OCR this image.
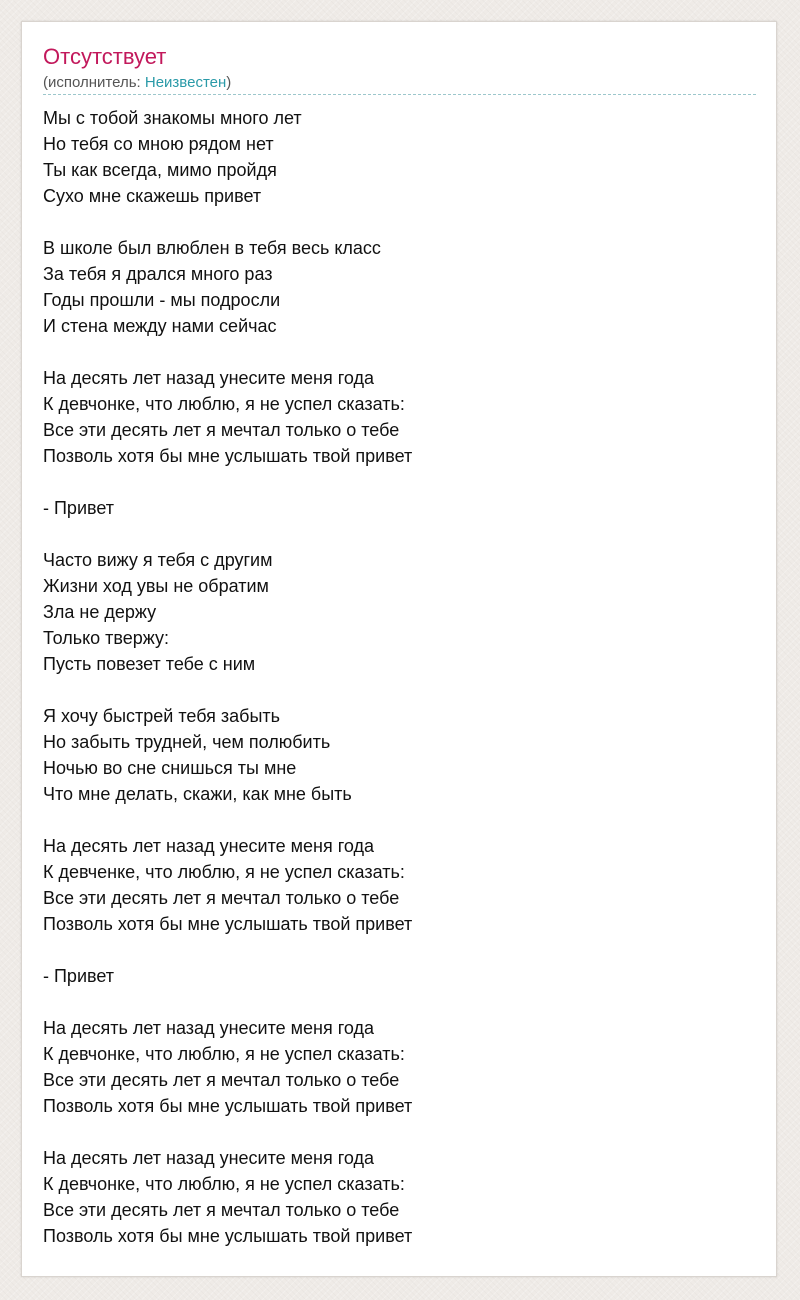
Отсутствует
(исполнитель: Неизвестен)
Мы с тобой знакомы много лет
Но тебя со мною рядом нет
Ты как всегда, мимо пройдя
Сухо мне скажешь привет

В школе был влюблен в тебя весь класс
За тебя я дрался много раз
Годы прошли - мы подросли
И стена между нами сейчас

На десять лет назад унесите меня года
К девчонке, что люблю, я не успел сказать:
Все эти десять лет я мечтал только о тебе
Позволь хотя бы мне услышать твой привет

- Привет

Часто вижу я тебя с другим
Жизни ход увы не обратим
Зла не держу
Только твержу:
Пусть повезет тебе с ним

Я хочу быстрей тебя забыть
Но забыть трудней, чем полюбить
Ночью во сне снишься ты мне
Что мне делать, скажи, как мне быть

На десять лет назад унесите меня года
К девченке, что люблю, я не успел сказать:
Все эти десять лет я мечтал только о тебе
Позволь хотя бы мне услышать твой привет

- Привет

На десять лет назад унесите меня года
К девчонке, что люблю, я не успел сказать:
Все эти десять лет я мечтал только о тебе
Позволь хотя бы мне услышать твой привет

На десять лет назад унесите меня года
К девчонке, что люблю, я не успел сказать:
Все эти десять лет я мечтал только о тебе
Позволь хотя бы мне услышать твой привет
